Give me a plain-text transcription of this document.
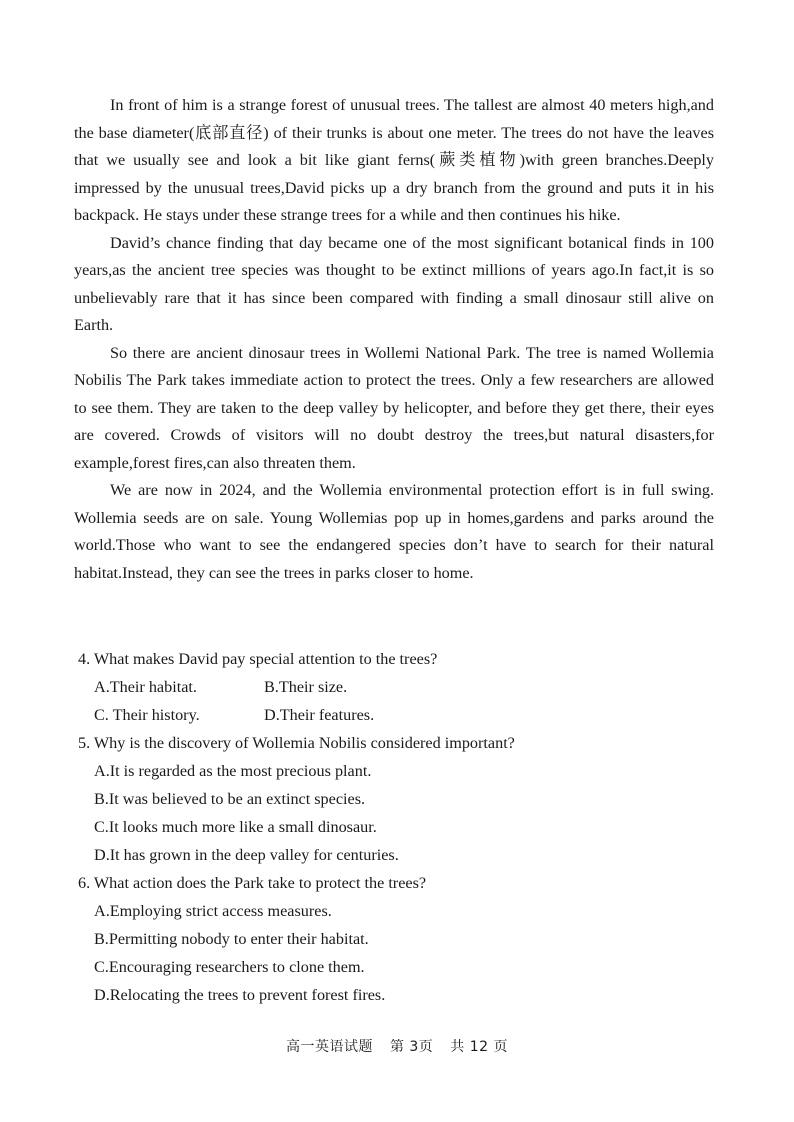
In front of him is a strange forest of unusual trees. The tallest are almost 40 meters high,and the base diameter(底部直径) of their trunks is about one meter. The trees do not have the leaves that we usually see and look a bit like giant ferns(蕨类植物)with green branches.Deeply impressed by the unusual trees,David picks up a dry branch from the ground and puts it in his backpack. He stays under these strange trees for a while and then continues his hike.

David’s chance finding that day became one of the most significant botanical finds in 100 years,as the ancient tree species was thought to be extinct millions of years ago.In fact,it is so unbelievably rare that it has since been compared with finding a small dinosaur still alive on Earth.

So there are ancient dinosaur trees in Wollemi National Park. The tree is named Wollemia Nobilis The Park takes immediate action to protect the trees. Only a few researchers are allowed to see them. They are taken to the deep valley by helicopter, and before they get there, their eyes are covered. Crowds of visitors will no doubt destroy the trees,but natural disasters,for example,forest fires,can also threaten them.

We are now in 2024, and the Wollemia environmental protection effort is in full swing. Wollemia seeds are on sale. Young Wollemias pop up in homes,gardens and parks around the world.Those who want to see the endangered species don’t have to search for their natural habitat.Instead, they can see the trees in parks closer to home.

4. What makes David pay special attention to the trees?
A.Their habitat.	B.Their size.
C. Their history.	D.Their features.
5. Why is the discovery of Wollemia Nobilis considered important?
A.It is regarded as the most precious plant.
B.It was believed to be an extinct species.
C.It looks much more like a small dinosaur.
D.It has grown in the deep valley for centuries.
6. What action does the Park take to protect the trees?
A.Employing strict access measures.
B.Permitting nobody to enter their habitat.
C.Encouraging researchers to clone them.
D.Relocating the trees to prevent forest fires.
高一英语试题 第 3页 共 12 页
